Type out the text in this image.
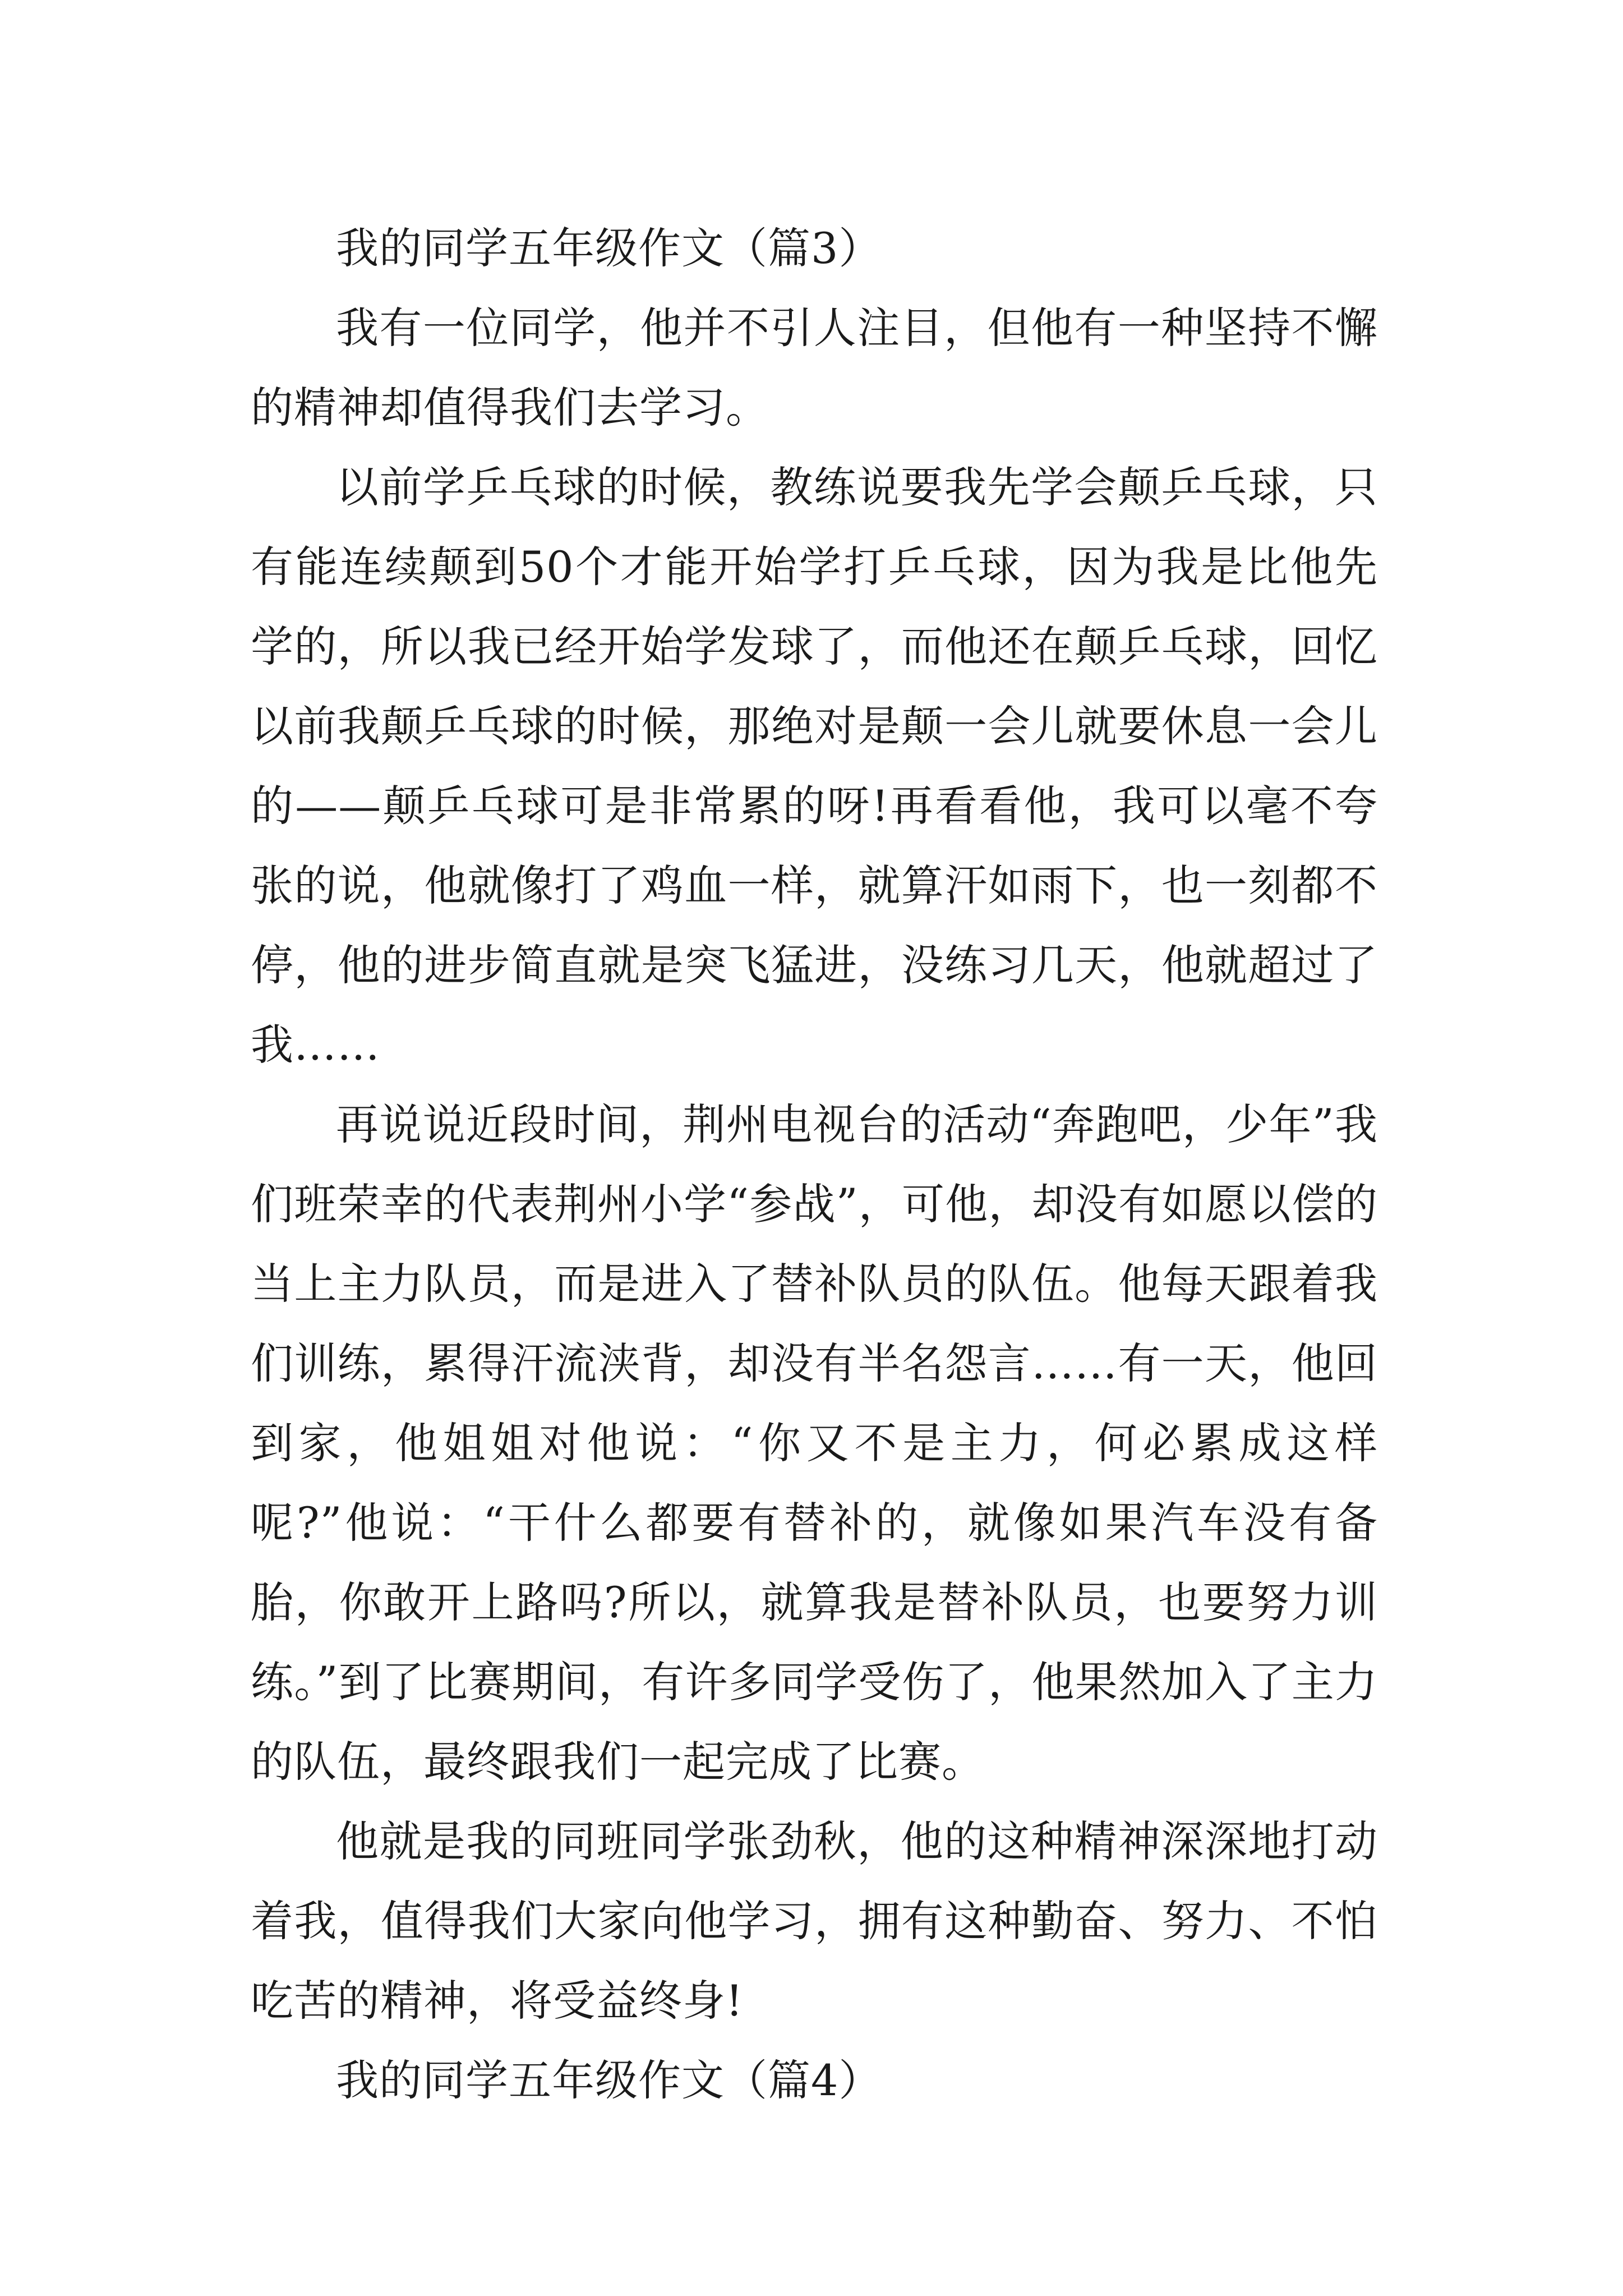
我的同学五年级作文（篇3）

我有一位同学，他并不引人注目，但他有一种坚持不懈的精神却值得我们去学习。

以前学乒乓球的时候，教练说要我先学会颠乒乓球，只有能连续颠到50个才能开始学打乒乓球，因为我是比他先学的，所以我已经开始学发球了，而他还在颠乒乓球，回忆以前我颠乒乓球的时候，那绝对是颠一会儿就要休息一会儿的——颠乒乓球可是非常累的呀!再看看他，我可以毫不夸张的说，他就像打了鸡血一样，就算汗如雨下，也一刻都不停，他的进步简直就是突飞猛进，没练习几天，他就超过了我……

再说说近段时间，荆州电视台的活动“奔跑吧，少年”我们班荣幸的代表荆州小学“参战”，可他，却没有如愿以偿的当上主力队员，而是进入了替补队员的队伍。他每天跟着我们训练，累得汗流浃背，却没有半名怨言……有一天，他回到家，他姐姐对他说：“你又不是主力，何必累成这样呢?”他说：“干什么都要有替补的，就像如果汽车没有备胎，你敢开上路吗?所以，就算我是替补队员，也要努力训练。”到了比赛期间，有许多同学受伤了，他果然加入了主力的队伍，最终跟我们一起完成了比赛。

他就是我的同班同学张劲秋，他的这种精神深深地打动着我，值得我们大家向他学习，拥有这种勤奋、努力、不怕吃苦的精神，将受益终身!

我的同学五年级作文（篇4）
